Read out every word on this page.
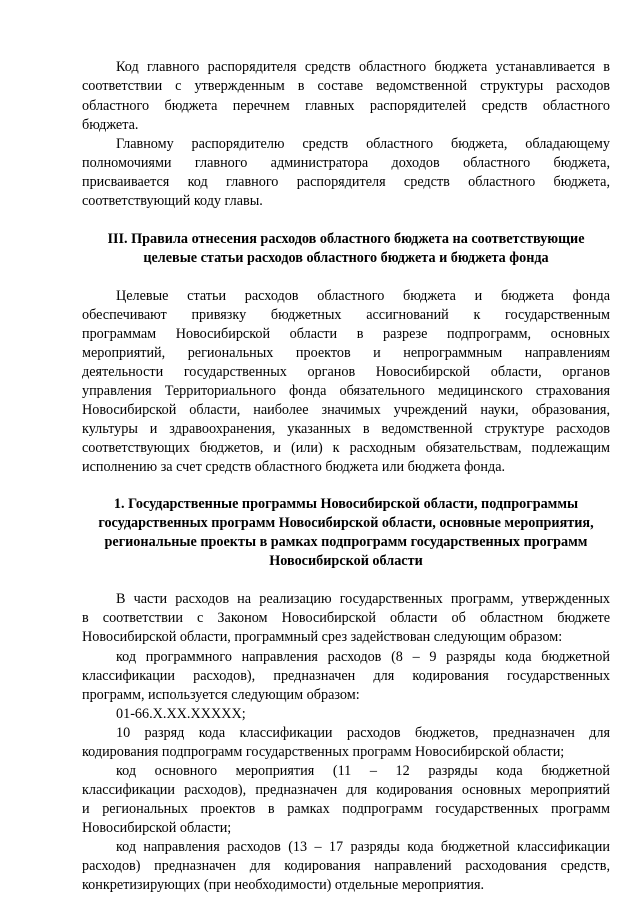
Код главного распорядителя средств областного бюджета устанавливается в
соответствии с утвержденным в составе ведомственной структуры расходов
областного бюджета перечнем главных распорядителей средств областного
бюджета.
Главному распорядителю средств областного бюджета, обладающему
полномочиями главного администратора доходов областного бюджета,
присваивается код главного распорядителя средств областного бюджета,
соответствующий коду главы.
III. Правила отнесения расходов областного бюджета на соответствующие
целевые статьи расходов областного бюджета и бюджета фонда
Целевые статьи расходов областного бюджета и бюджета фонда
обеспечивают привязку бюджетных ассигнований к государственным
программам Новосибирской области в разрезе подпрограмм, основных
мероприятий, региональных проектов и непрограммным направлениям
деятельности государственных органов Новосибирской области, органов
управления Территориального фонда обязательного медицинского страхования
Новосибирской области, наиболее значимых учреждений науки, образования,
культуры и здравоохранения, указанных в ведомственной структуре расходов
соответствующих бюджетов, и (или) к расходным обязательствам, подлежащим
исполнению за счет средств областного бюджета или бюджета фонда.
1. Государственные программы Новосибирской области, подпрограммы
государственных программ Новосибирской области, основные мероприятия,
региональные проекты в рамках подпрограмм государственных программ
Новосибирской области
В части расходов на реализацию государственных программ, утвержденных
в соответствии с Законом Новосибирской области об областном бюджете
Новосибирской области, программный срез задействован следующим образом:
код программного направления расходов (8 – 9 разряды кода бюджетной
классификации расходов), предназначен для кодирования государственных
программ, используется следующим образом:
01-66.Х.ХХ.ХХХХХ;
10 разряд кода классификации расходов бюджетов, предназначен для
кодирования подпрограмм государственных программ Новосибирской области;
код основного мероприятия (11 – 12 разряды кода бюджетной
классификации расходов), предназначен для кодирования основных мероприятий
и региональных проектов в рамках подпрограмм государственных программ
Новосибирской области;
код направления расходов (13 – 17 разряды кода бюджетной классификации
расходов) предназначен для кодирования направлений расходования средств,
конкретизирующих (при необходимости) отдельные мероприятия.
